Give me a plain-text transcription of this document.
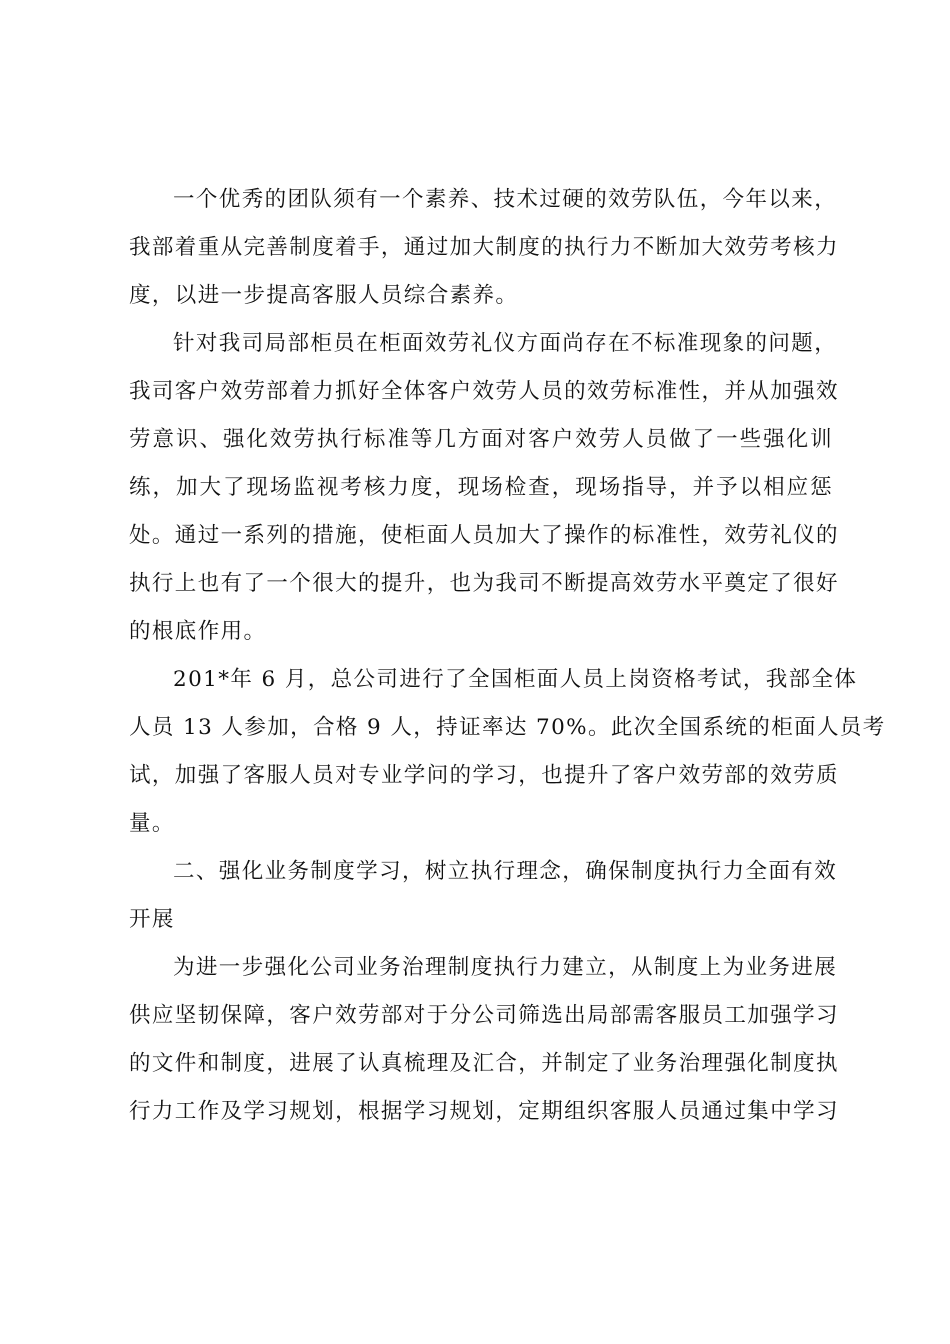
一个优秀的团队须有一个素养、技术过硬的效劳队伍，今年以来，
我部着重从完善制度着手，通过加大制度的执行力不断加大效劳考核力
度，以进一步提高客服人员综合素养。
针对我司局部柜员在柜面效劳礼仪方面尚存在不标准现象的问题，
我司客户效劳部着力抓好全体客户效劳人员的效劳标准性，并从加强效
劳意识、强化效劳执行标准等几方面对客户效劳人员做了一些强化训
练，加大了现场监视考核力度，现场检查，现场指导，并予以相应惩
处。通过一系列的措施，使柜面人员加大了操作的标准性，效劳礼仪的
执行上也有了一个很大的提升，也为我司不断提高效劳水平奠定了很好
的根底作用。
201*年 6 月，总公司进行了全国柜面人员上岗资格考试，我部全体
人员 13 人参加，合格 9 人，持证率达 70%。此次全国系统的柜面人员考
试，加强了客服人员对专业学问的学习，也提升了客户效劳部的效劳质
量。
二、强化业务制度学习，树立执行理念，确保制度执行力全面有效
开展
为进一步强化公司业务治理制度执行力建立，从制度上为业务进展
供应坚韧保障，客户效劳部对于分公司筛选出局部需客服员工加强学习
的文件和制度，进展了认真梳理及汇合，并制定了业务治理强化制度执
行力工作及学习规划，根据学习规划，定期组织客服人员通过集中学习
